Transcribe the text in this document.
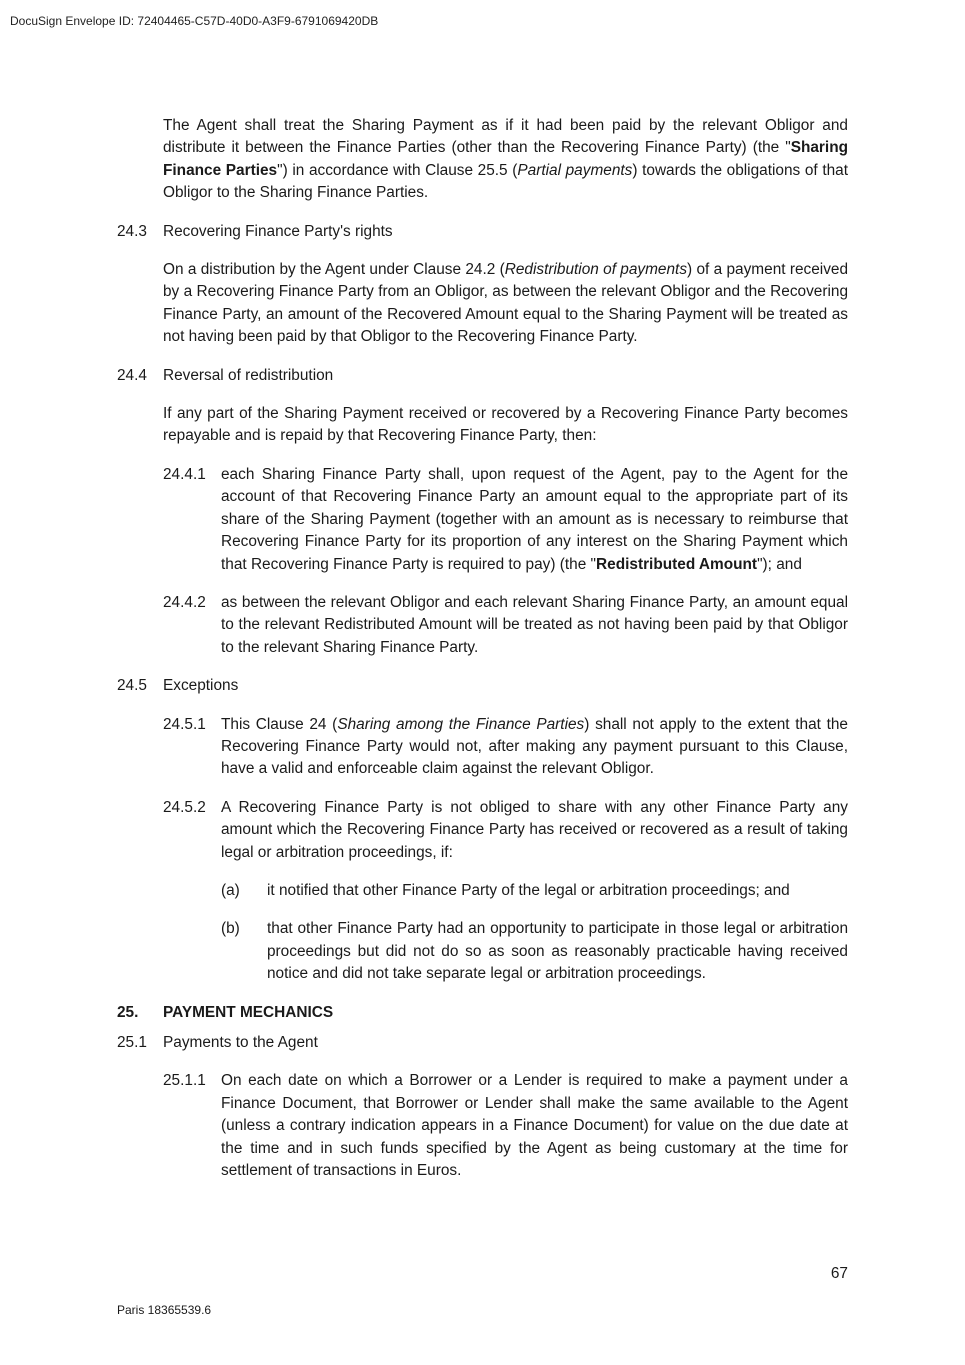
DocuSign Envelope ID: 72404465-C57D-40D0-A3F9-6791069420DB

The Agent shall treat the Sharing Payment as if it had been paid by the relevant Obligor and distribute it between the Finance Parties (other than the Recovering Finance Party) (the "Sharing Finance Parties") in accordance with Clause 25.5 (Partial payments) towards the obligations of that Obligor to the Sharing Finance Parties.

24.3	Recovering Finance Party's rights

On a distribution by the Agent under Clause 24.2 (Redistribution of payments) of a payment received by a Recovering Finance Party from an Obligor, as between the relevant Obligor and the Recovering Finance Party, an amount of the Recovered Amount equal to the Sharing Payment will be treated as not having been paid by that Obligor to the Recovering Finance Party.

24.4	Reversal of redistribution

If any part of the Sharing Payment received or recovered by a Recovering Finance Party becomes repayable and is repaid by that Recovering Finance Party, then:

24.4.1 each Sharing Finance Party shall, upon request of the Agent, pay to the Agent for the account of that Recovering Finance Party an amount equal to the appropriate part of its share of the Sharing Payment (together with an amount as is necessary to reimburse that Recovering Finance Party for its proportion of any interest on the Sharing Payment which that Recovering Finance Party is required to pay) (the "Redistributed Amount"); and
24.4.2 as between the relevant Obligor and each relevant Sharing Finance Party, an amount equal to the relevant Redistributed Amount will be treated as not having been paid by that Obligor to the relevant Sharing Finance Party.
24.5	Exceptions
24.5.1 This Clause 24 (Sharing among the Finance Parties) shall not apply to the extent that the Recovering Finance Party would not, after making any payment pursuant to this Clause, have a valid and enforceable claim against the relevant Obligor.
24.5.2 A Recovering Finance Party is not obliged to share with any other Finance Party any amount which the Recovering Finance Party has received or recovered as a result of taking legal or arbitration proceedings, if:
(a)	it notified that other Finance Party of the legal or arbitration proceedings; and
(b)	that other Finance Party had an opportunity to participate in those legal or arbitration proceedings but did not do so as soon as reasonably practicable having received notice and did not take separate legal or arbitration proceedings.
25.	PAYMENT MECHANICS
25.1	Payments to the Agent
25.1.1 On each date on which a Borrower or a Lender is required to make a payment under a Finance Document, that Borrower or Lender shall make the same available to the Agent (unless a contrary indication appears in a Finance Document) for value on the due date at the time and in such funds specified by the Agent as being customary at the time for settlement of transactions in Euros.
67
Paris 18365539.6
